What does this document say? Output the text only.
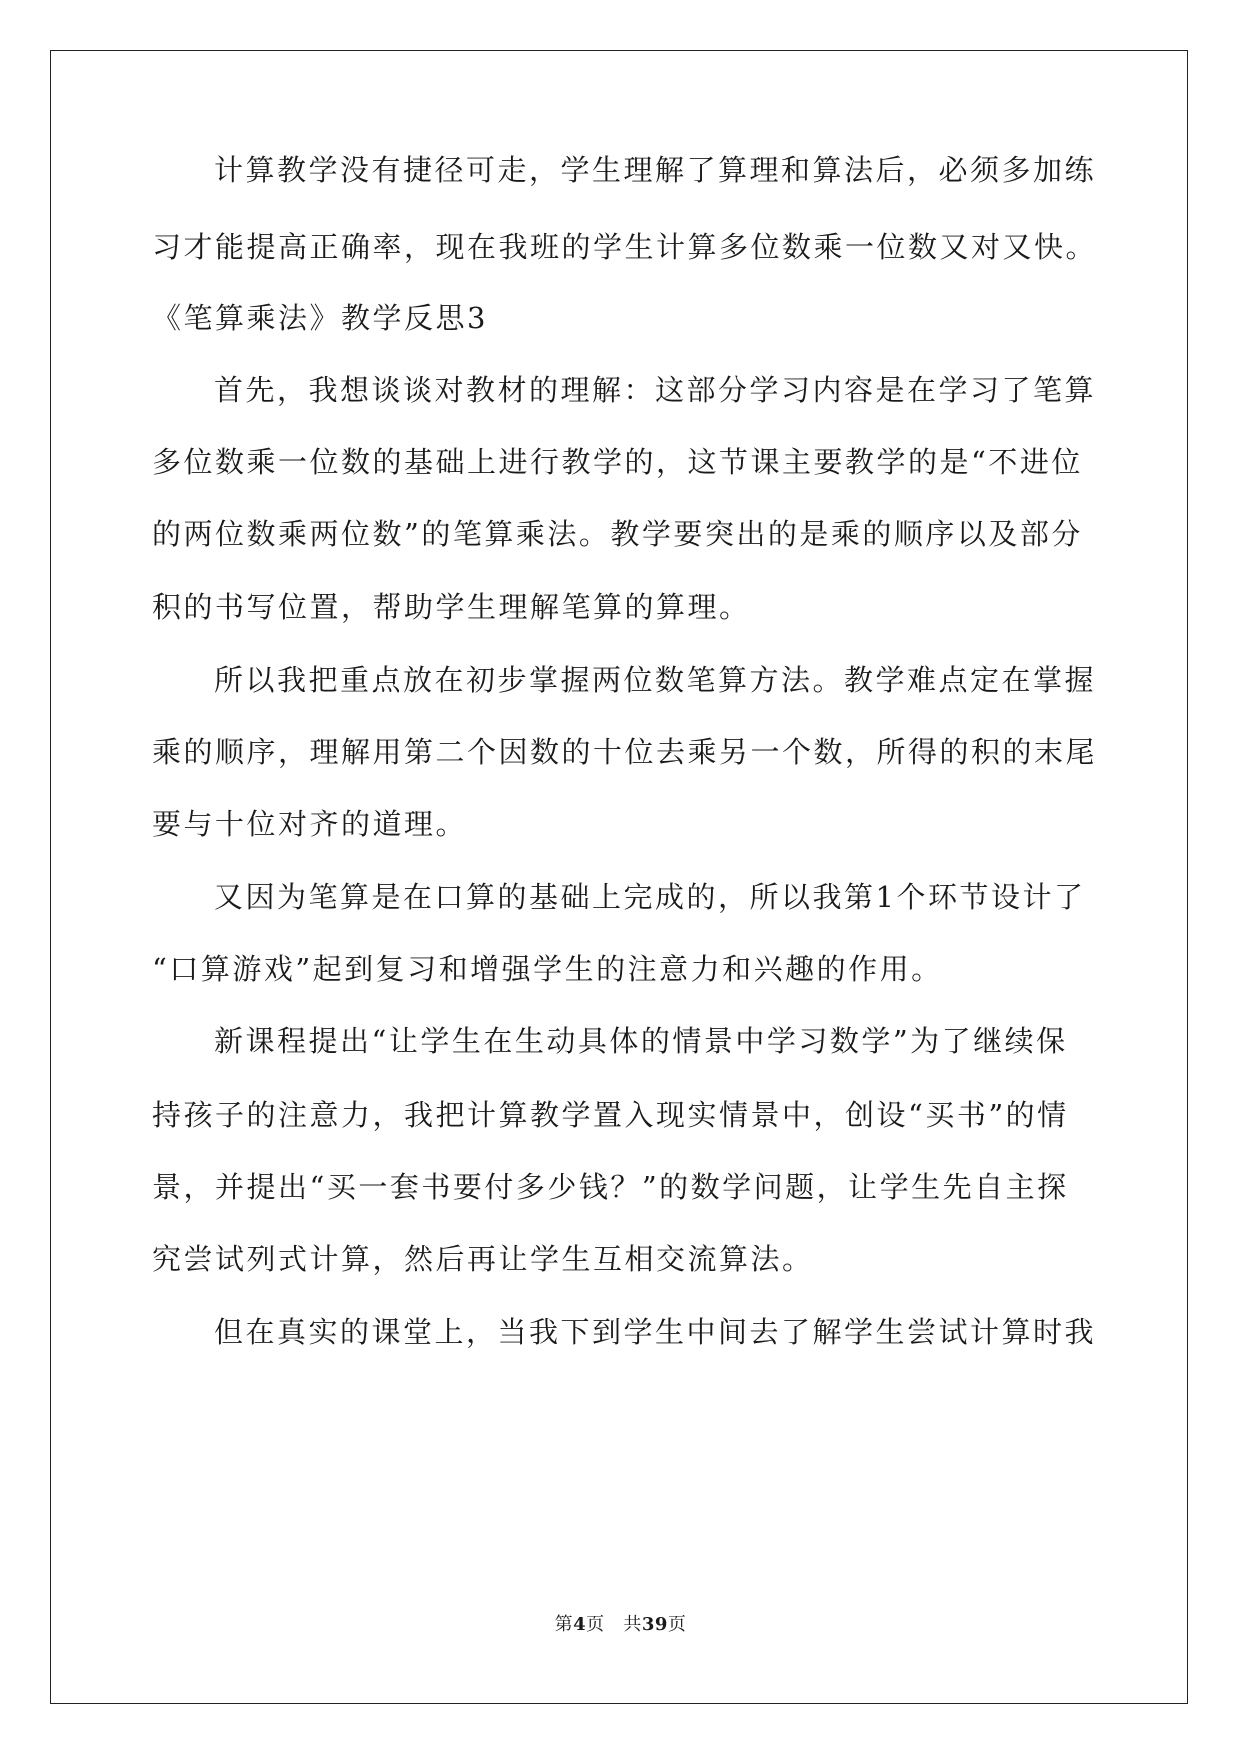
计算教学没有捷径可走，学生理解了算理和算法后，必须多加练
习才能提高正确率，现在我班的学生计算多位数乘一位数又对又快。
《笔算乘法》教学反思3
首先，我想谈谈对教材的理解：这部分学习内容是在学习了笔算
多位数乘一位数的基础上进行教学的，这节课主要教学的是“不进位
的两位数乘两位数”的笔算乘法。教学要突出的是乘的顺序以及部分
积的书写位置，帮助学生理解笔算的算理。
所以我把重点放在初步掌握两位数笔算方法。教学难点定在掌握
乘的顺序，理解用第二个因数的十位去乘另一个数，所得的积的末尾
要与十位对齐的道理。
又因为笔算是在口算的基础上完成的，所以我第1个环节设计了
“口算游戏”起到复习和增强学生的注意力和兴趣的作用。
新课程提出“让学生在生动具体的情景中学习数学”为了继续保
持孩子的注意力，我把计算教学置入现实情景中，创设“买书”的情
景，并提出“买一套书要付多少钱？”的数学问题，让学生先自主探
究尝试列式计算，然后再让学生互相交流算法。
但在真实的课堂上，当我下到学生中间去了解学生尝试计算时我
第4页 共39页
